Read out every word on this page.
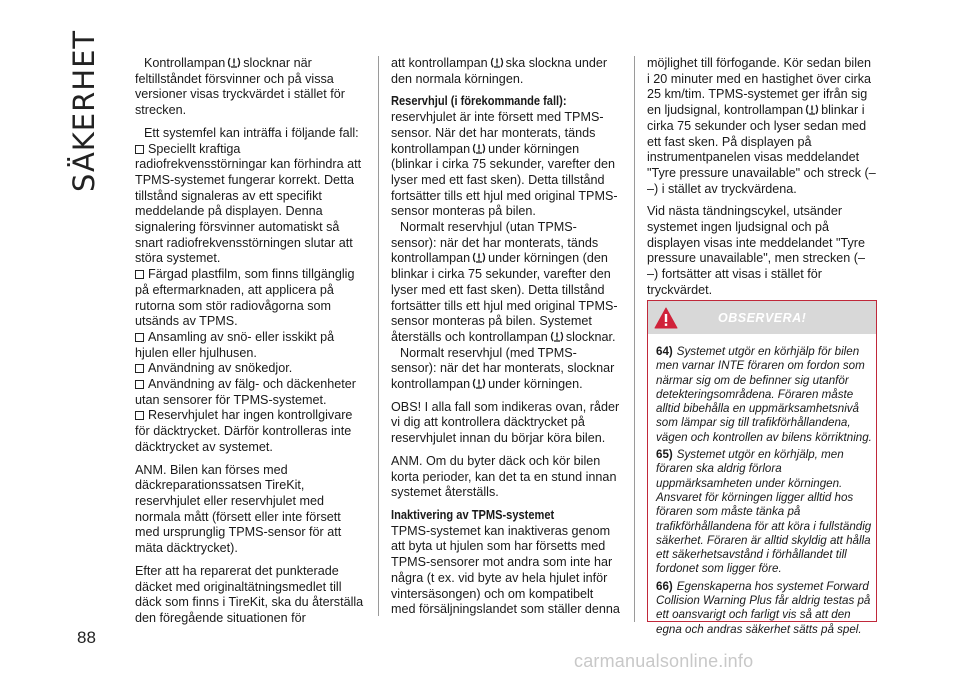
SÄKERHET
88

Kontrollampan slocknar när feltillståndet försvinner och på vissa versioner visas tryckvärdet i stället för strecken.

Ett systemfel kan inträffa i följande fall:

Speciellt kraftiga radiofrekvensstörningar kan förhindra att TPMS-systemet fungerar korrekt. Detta tillstånd signaleras av ett specifikt meddelande på displayen. Denna signalering försvinner automatiskt så snart radiofrekvensstörningen slutar att störa systemet.

Färgad plastfilm, som finns tillgänglig på eftermarknaden, att applicera på rutorna som stör radiovågorna som utsänds av TPMS.

Ansamling av snö- eller isskikt på hjulen eller hjulhusen.

Användning av snökedjor.

Användning av fälg- och däckenheter utan sensorer för TPMS-systemet.

Reservhjulet har ingen kontrollgivare för däcktrycket. Därför kontrolleras inte däcktrycket av systemet.

ANM. Bilen kan förses med däckreparationssatsen TireKit, reservhjulet eller reservhjulet med normala mått (försett eller inte försett med ursprunglig TPMS-sensor för att mäta däcktrycket).

Efter att ha reparerat det punkterade däcket med originaltätningsmedlet till däck som finns i TireKit, ska du återställa den föregående situationen för

att kontrollampan ska slockna under den normala körningen.

Reservhjul (i förekommande fall):

reservhjulet är inte försett med TPMS-sensor. När det har monterats, tänds kontrollampan under körningen (blinkar i cirka 75 sekunder, varefter den lyser med ett fast sken). Detta tillstånd fortsätter tills ett hjul med original TPMS-sensor monteras på bilen.

Normalt reservhjul (utan TPMS-sensor): när det har monterats, tänds kontrollampan under körningen (den blinkar i cirka 75 sekunder, varefter den lyser med ett fast sken). Detta tillstånd fortsätter tills ett hjul med original TPMS-sensor monteras på bilen. Systemet återställs och kontrollampan slocknar.

Normalt reservhjul (med TPMS-sensor): när det har monterats, slocknar kontrollampan under körningen.

OBS! I alla fall som indikeras ovan, råder vi dig att kontrollera däcktrycket på reservhjulet innan du börjar köra bilen.

ANM. Om du byter däck och kör bilen korta perioder, kan det ta en stund innan systemet återställs.

Inaktivering av TPMS-systemet

TPMS-systemet kan inaktiveras genom att byta ut hjulen som har försetts med TPMS-sensorer mot andra som inte har några (t ex. vid byte av hela hjulet inför vintersäsongen) och om kompatibelt med försäljningslandet som ställer denna

möjlighet till förfogande. Kör sedan bilen i 20 minuter med en hastighet över cirka 25 km/tim. TPMS-systemet ger ifrån sig en ljudsignal, kontrollampan blinkar i cirka 75 sekunder och lyser sedan med ett fast sken. På displayen på instrumentpanelen visas meddelandet "Tyre pressure unavailable" och streck (– –) i stället av tryckvärdena.

Vid nästa tändningscykel, utsänder systemet ingen ljudsignal och på displayen visas inte meddelandet "Tyre pressure unavailable", men strecken (– –) fortsätter att visas i stället för tryckvärdet.

OBSERVERA!

64) Systemet utgör en körhjälp för bilen men varnar INTE föraren om fordon som närmar sig om de befinner sig utanför detekteringsområdena. Föraren måste alltid bibehålla en uppmärksamhetsnivå som lämpar sig till trafikförhållandena, vägen och kontrollen av bilens körriktning.

65) Systemet utgör en körhjälp, men föraren ska aldrig förlora uppmärksamheten under körningen. Ansvaret för körningen ligger alltid hos föraren som måste tänka på trafikförhållandena för att köra i fullständig säkerhet. Föraren är alltid skyldig att hålla ett säkerhetsavstånd i förhållandet till fordonet som ligger före.

66) Egenskaperna hos systemet Forward Collision Warning Plus får aldrig testas på ett oansvarigt och farligt vis så att den egna och andras säkerhet sätts på spel.

carmanualsonline.info
